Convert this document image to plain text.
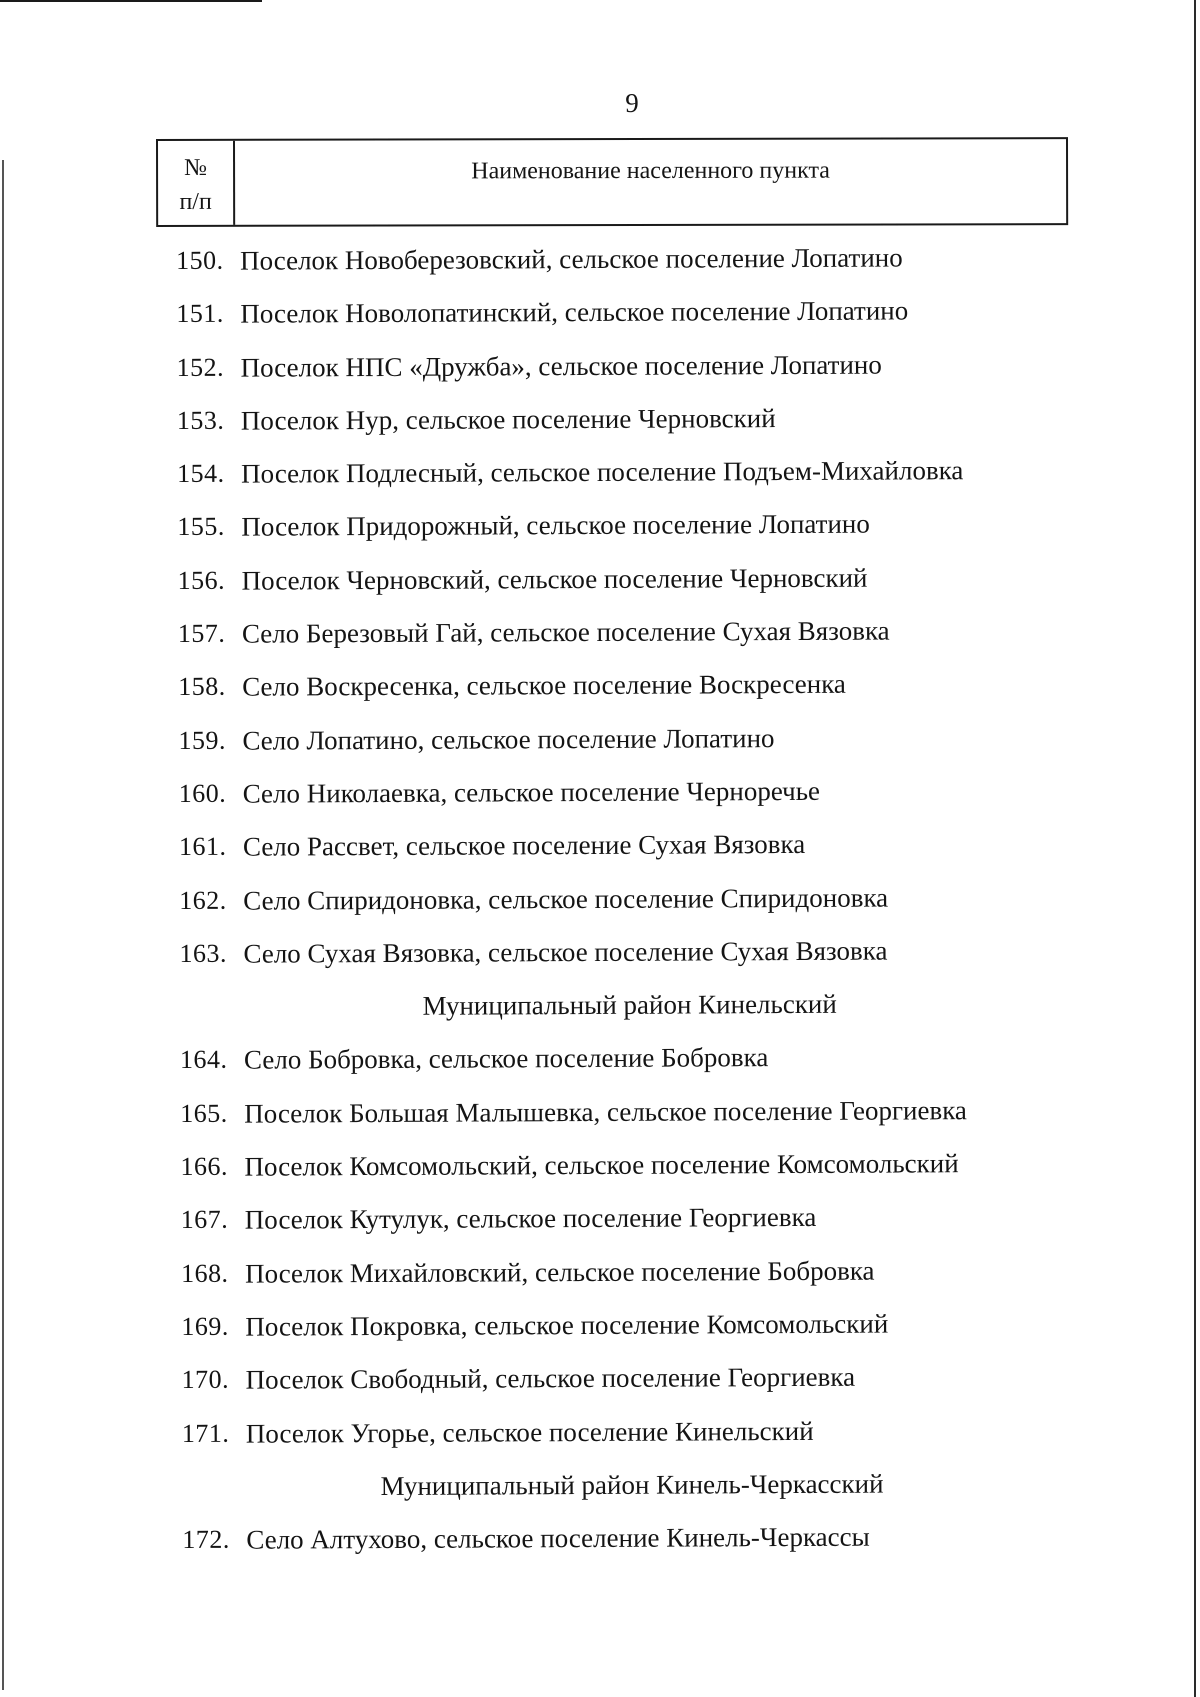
9
№
п/п
Наименование населенного пункта
150. Поселок Новоберезовский, сельское поселение Лопатино
151. Поселок Новолопатинский, сельское поселение Лопатино
152. Поселок НПС «Дружба», сельское поселение Лопатино
153. Поселок Нур, сельское поселение Черновский
154. Поселок Подлесный, сельское поселение Подъем-Михайловка
155. Поселок Придорожный, сельское поселение Лопатино
156. Поселок Черновский, сельское поселение Черновский
157. Село Березовый Гай, сельское поселение Сухая Вязовка
158. Село Воскресенка, сельское поселение Воскресенка
159. Село Лопатино, сельское поселение Лопатино
160. Село Николаевка, сельское поселение Черноречье
161. Село Рассвет, сельское поселение Сухая Вязовка
162. Село Спиридоновка, сельское поселение Спиридоновка
163. Село Сухая Вязовка, сельское поселение Сухая Вязовка
Муниципальный район Кинельский
164. Село Бобровка, сельское поселение Бобровка
165. Поселок Большая Малышевка, сельское поселение Георгиевка
166. Поселок Комсомольский, сельское поселение Комсомольский
167. Поселок Кутулук, сельское поселение Георгиевка
168. Поселок Михайловский, сельское поселение Бобровка
169. Поселок Покровка, сельское поселение Комсомольский
170. Поселок Свободный, сельское поселение Георгиевка
171. Поселок Угорье, сельское поселение Кинельский
Муниципальный район Кинель-Черкасский
172. Село Алтухово, сельское поселение Кинель-Черкассы
